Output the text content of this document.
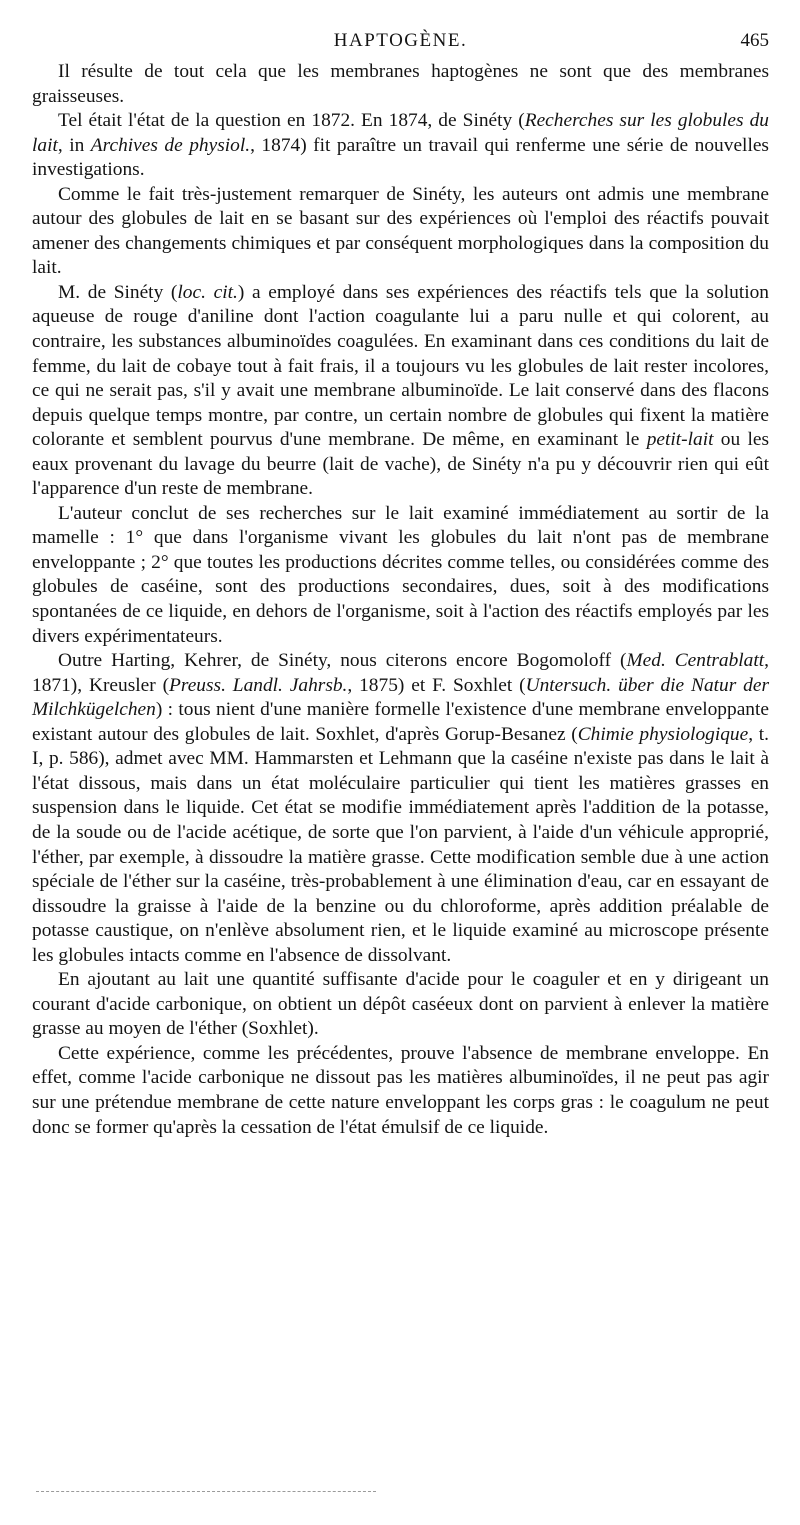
HAPTOGÈNE.	465

Il résulte de tout cela que les membranes haptogènes ne sont que des membranes graisseuses.

Tel était l'état de la question en 1872. En 1874, de Sinéty (Recherches sur les globules du lait, in Archives de physiol., 1874) fit paraître un travail qui renferme une série de nouvelles investigations.

Comme le fait très-justement remarquer de Sinéty, les auteurs ont admis une membrane autour des globules de lait en se basant sur des expériences où l'emploi des réactifs pouvait amener des changements chimiques et par conséquent morphologiques dans la composition du lait.

M. de Sinéty (loc. cit.) a employé dans ses expériences des réactifs tels que la solution aqueuse de rouge d'aniline dont l'action coagulante lui a paru nulle et qui colorent, au contraire, les substances albuminoïdes coagulées. En examinant dans ces conditions du lait de femme, du lait de cobaye tout à fait frais, il a toujours vu les globules de lait rester incolores, ce qui ne serait pas, s'il y avait une membrane albuminoïde. Le lait conservé dans des flacons depuis quelque temps montre, par contre, un certain nombre de globules qui fixent la matière colorante et semblent pourvus d'une membrane. De même, en examinant le petit-lait ou les eaux provenant du lavage du beurre (lait de vache), de Sinéty n'a pu y découvrir rien qui eût l'apparence d'un reste de membrane.

L'auteur conclut de ses recherches sur le lait examiné immédiatement au sortir de la mamelle : 1° que dans l'organisme vivant les globules du lait n'ont pas de membrane enveloppante ; 2° que toutes les productions décrites comme telles, ou considérées comme des globules de caséine, sont des productions secondaires, dues, soit à des modifications spontanées de ce liquide, en dehors de l'organisme, soit à l'action des réactifs employés par les divers expérimentateurs.

Outre Harting, Kehrer, de Sinéty, nous citerons encore Bogomoloff (Med. Centrablatt, 1871), Kreusler (Preuss. Landl. Jahrsb., 1875) et F. Soxhlet (Untersuch. über die Natur der Milchkügelchen) : tous nient d'une manière formelle l'existence d'une membrane enveloppante existant autour des globules de lait. Soxhlet, d'après Gorup-Besanez (Chimie physiologique, t. I, p. 586), admet avec MM. Hammarsten et Lehmann que la caséine n'existe pas dans le lait à l'état dissous, mais dans un état moléculaire particulier qui tient les matières grasses en suspension dans le liquide. Cet état se modifie immédiatement après l'addition de la potasse, de la soude ou de l'acide acétique, de sorte que l'on parvient, à l'aide d'un véhicule approprié, l'éther, par exemple, à dissoudre la matière grasse. Cette modification semble due à une action spéciale de l'éther sur la caséine, très-probablement à une élimination d'eau, car en essayant de dissoudre la graisse à l'aide de la benzine ou du chloroforme, après addition préalable de potasse caustique, on n'enlève absolument rien, et le liquide examiné au microscope présente les globules intacts comme en l'absence de dissolvant.

En ajoutant au lait une quantité suffisante d'acide pour le coaguler et en y dirigeant un courant d'acide carbonique, on obtient un dépôt caséeux dont on parvient à enlever la matière grasse au moyen de l'éther (Soxhlet).

Cette expérience, comme les précédentes, prouve l'absence de membrane enveloppe. En effet, comme l'acide carbonique ne dissout pas les matières albuminoïdes, il ne peut pas agir sur une prétendue membrane de cette nature enveloppant les corps gras : le coagulum ne peut donc se former qu'après la cessation de l'état émulsif de ce liquide.
